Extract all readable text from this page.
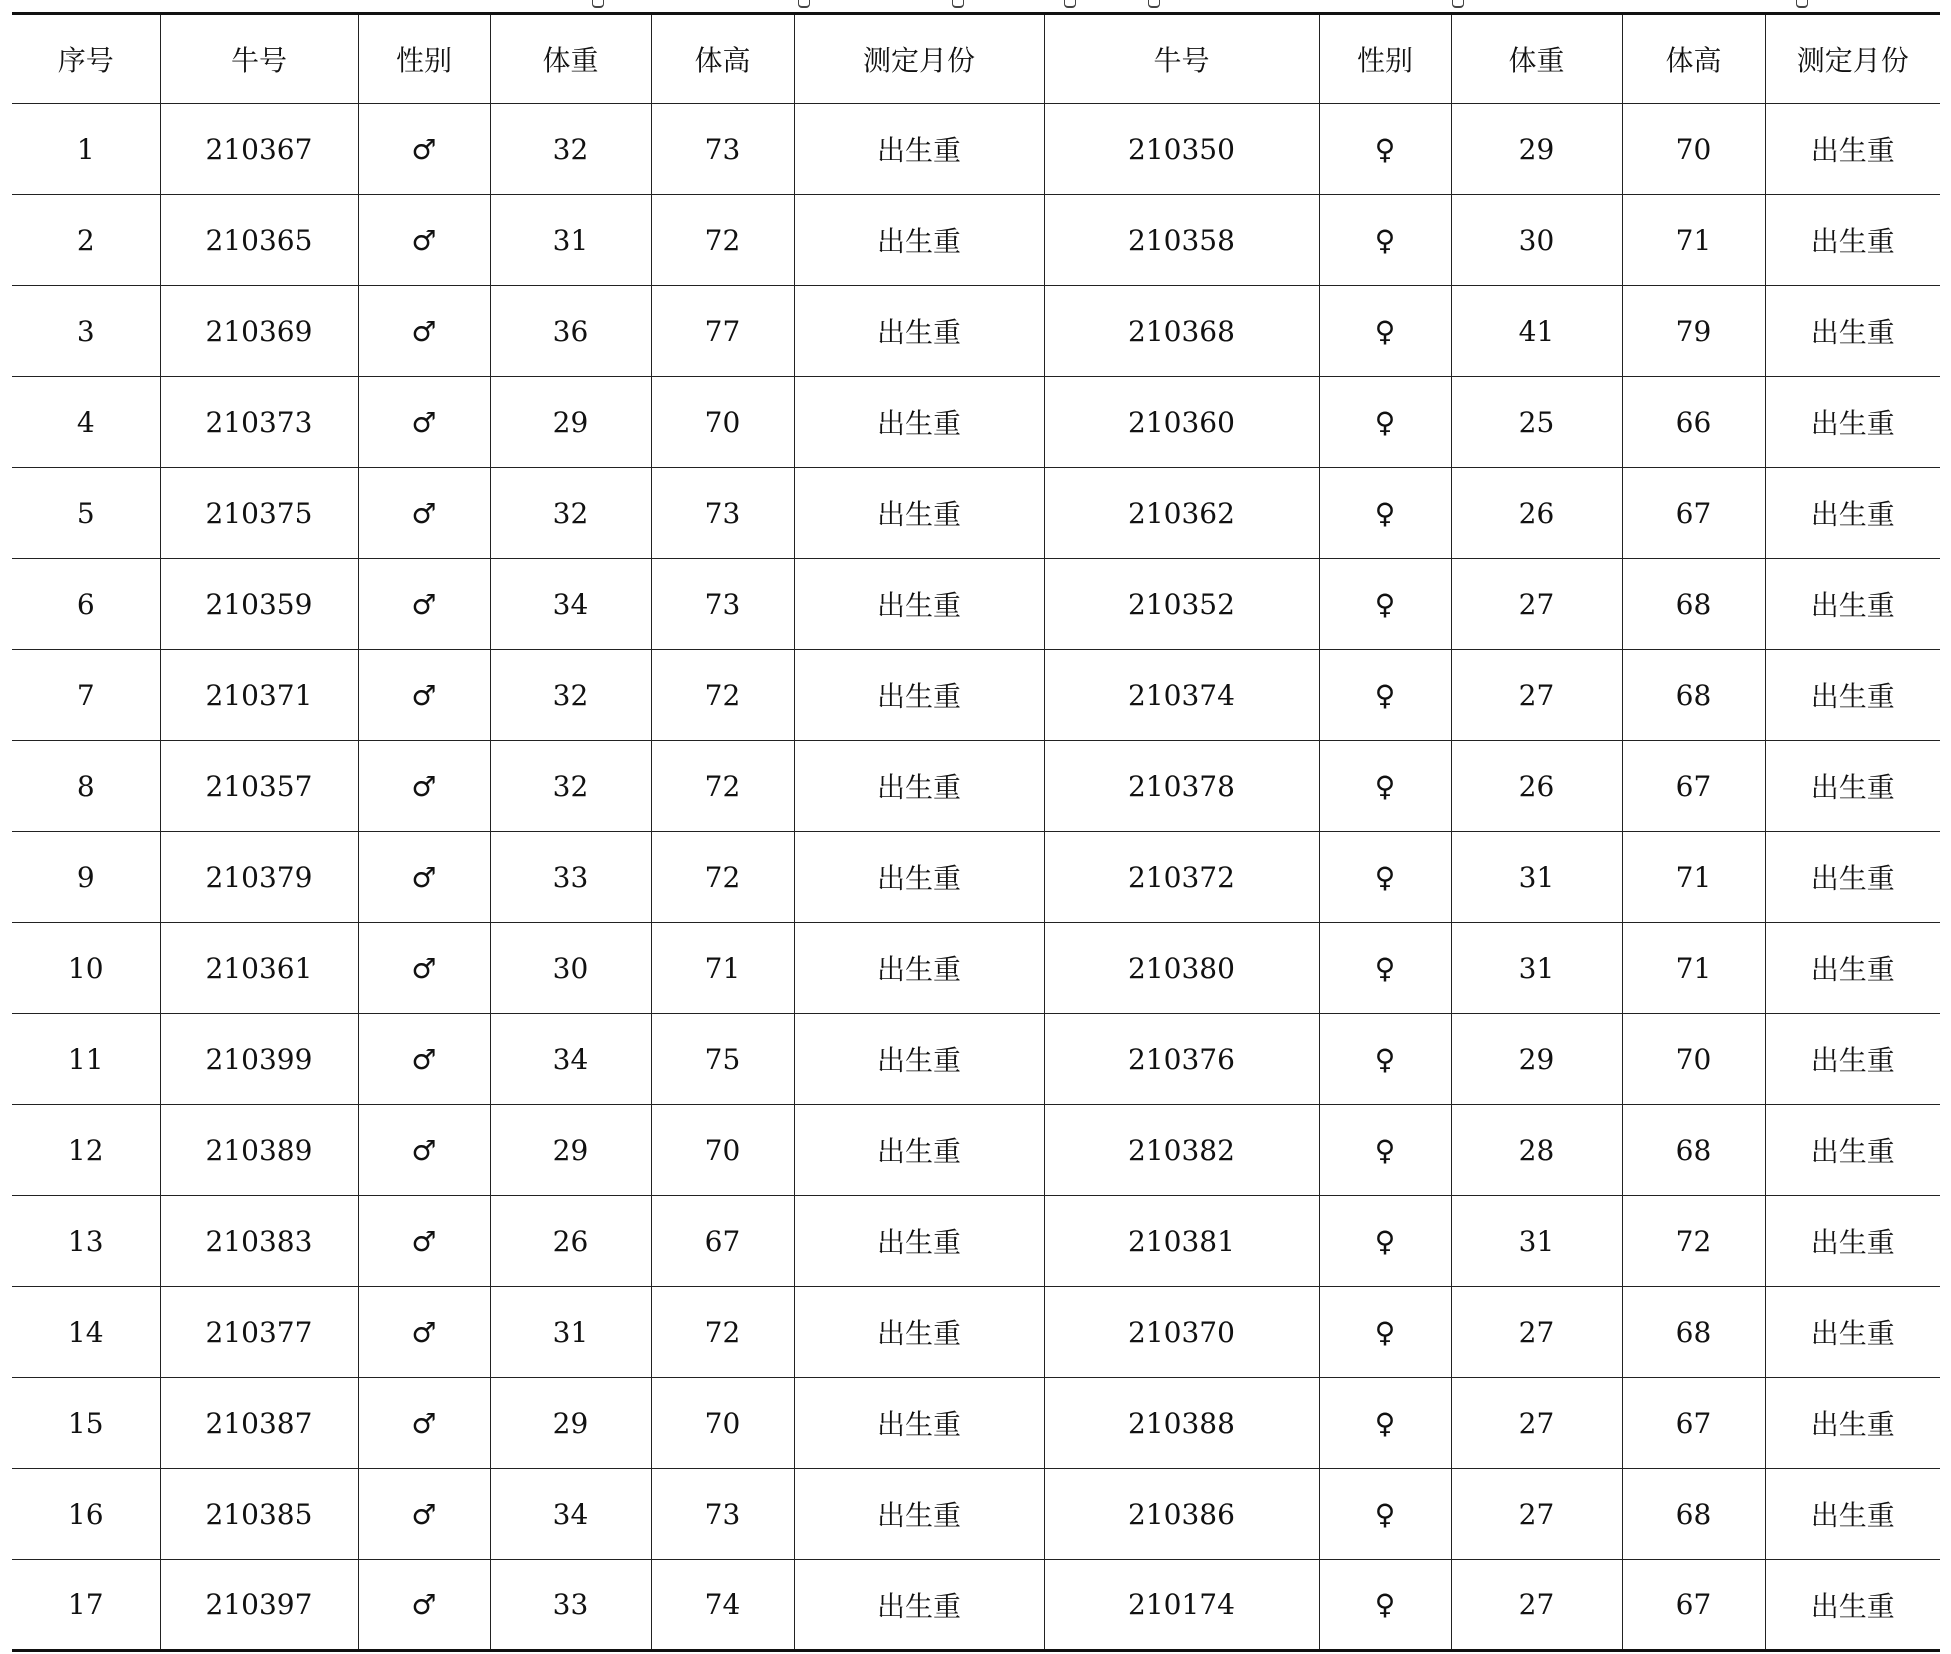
序号	牛号	性别	体重	体高	测定月份	牛号	性别	体重	体高	测定月份
1	210367	♂	32	73	出生重	210350	♀	29	70	出生重
2	210365	♂	31	72	出生重	210358	♀	30	71	出生重
3	210369	♂	36	77	出生重	210368	♀	41	79	出生重
4	210373	♂	29	70	出生重	210360	♀	25	66	出生重
5	210375	♂	32	73	出生重	210362	♀	26	67	出生重
6	210359	♂	34	73	出生重	210352	♀	27	68	出生重
7	210371	♂	32	72	出生重	210374	♀	27	68	出生重
8	210357	♂	32	72	出生重	210378	♀	26	67	出生重
9	210379	♂	33	72	出生重	210372	♀	31	71	出生重
10	210361	♂	30	71	出生重	210380	♀	31	71	出生重
11	210399	♂	34	75	出生重	210376	♀	29	70	出生重
12	210389	♂	29	70	出生重	210382	♀	28	68	出生重
13	210383	♂	26	67	出生重	210381	♀	31	72	出生重
14	210377	♂	31	72	出生重	210370	♀	27	68	出生重
15	210387	♂	29	70	出生重	210388	♀	27	67	出生重
16	210385	♂	34	73	出生重	210386	♀	27	68	出生重
17	210397	♂	33	74	出生重	210174	♀	27	67	出生重
